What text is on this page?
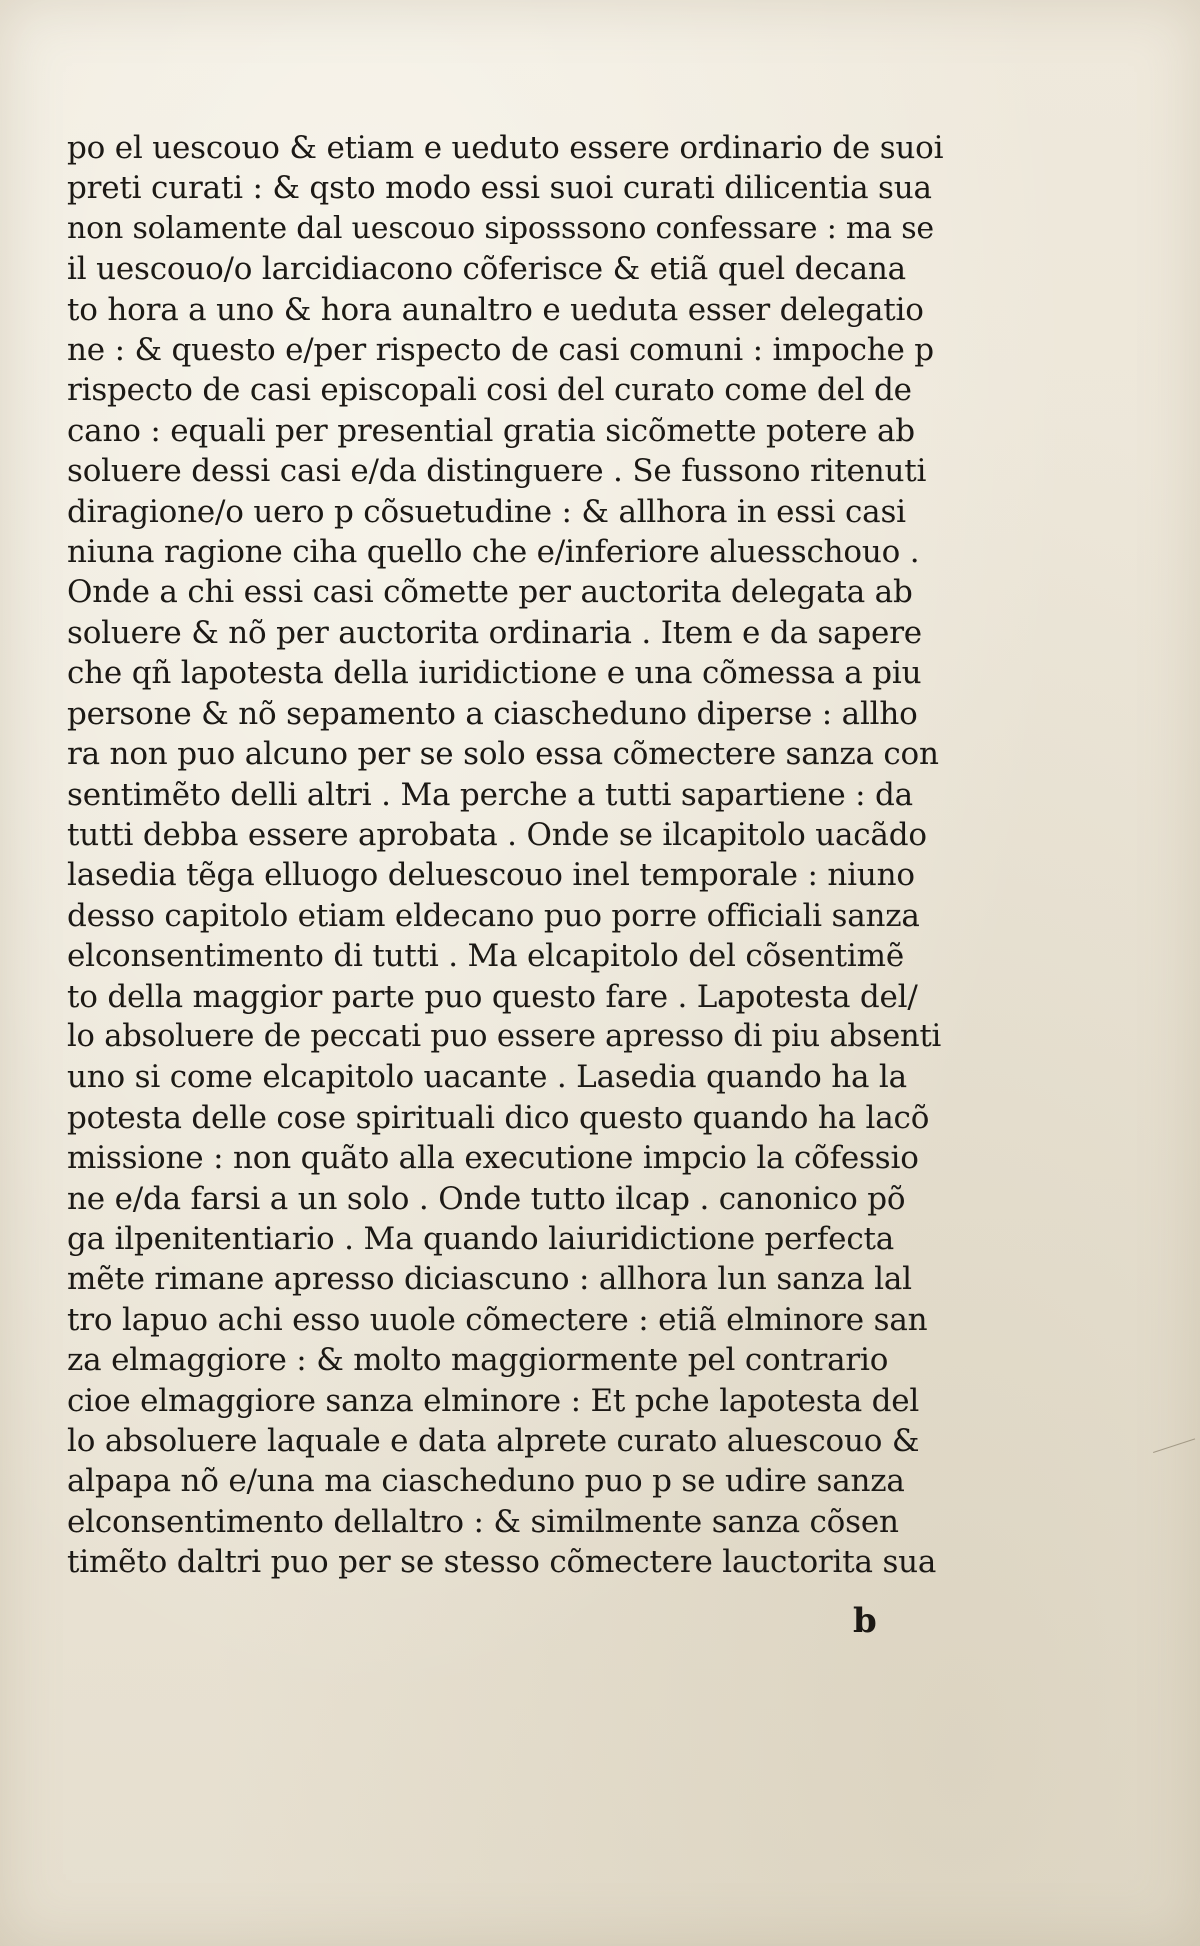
po el uescouo & etiam e ueduto essere ordinario de suoi
preti curati : & qsto modo essi suoi curati dilicentia sua
non solamente dal uescouo siposssono confessare : ma se
il uescouo/o larcidiacono cõferisce & etiã quel decana
to hora a uno & hora aunaltro e ueduta esser delegatio
ne : & questo e/per rispecto de casi comuni : impoche p
rispecto de casi episcopali cosi del curato come del de
cano : equali per presential gratia sicõmette potere ab
soluere dessi casi e/da distinguere . Se fussono ritenuti
diragione/o uero p cõsuetudine : & allhora in essi casi
niuna ragione ciha quello che e/inferiore aluesschouo .
Onde a chi essi casi cõmette per auctorita delegata ab
soluere & nõ per auctorita ordinaria . Item e da sapere
che qñ lapotesta della iuridictione e una cõmessa a piu
persone & nõ sepamento a ciascheduno diperse : allho
ra non puo alcuno per se solo essa cõmectere sanza con
sentimẽto delli altri . Ma perche a tutti sapartiene : da
tutti debba essere aprobata . Onde se ilcapitolo uacãdo
lasedia tẽga elluogo deluescouo inel temporale : niuno
desso capitolo etiam eldecano puo porre officiali sanza
elconsentimento di tutti . Ma elcapitolo del cõsentimẽ
to della maggior parte puo questo fare . Lapotesta del/
lo absoluere de peccati puo essere apresso di piu absenti
uno si come elcapitolo uacante . Lasedia quando ha la
potesta delle cose spirituali dico questo quando ha lacõ
missione : non quãto alla executione impcio la cõfessio
ne e/da farsi a un solo . Onde tutto ilcap . canonico põ
ga ilpenitentiario . Ma quando laiuridictione perfecta
mẽte rimane apresso diciascuno : allhora lun sanza lal
tro lapuo achi esso uuole cõmectere : etiã elminore san
za elmaggiore : & molto maggiormente pel contrario
cioe elmaggiore sanza elminore : Et pche lapotesta del
lo absoluere laquale e data alprete curato aluescouo &
alpapa nõ e/una ma ciascheduno puo p se udire sanza
elconsentimento dellaltro : & similmente sanza cõsen
timẽto daltri puo per se stesso cõmectere lauctorita sua
b
